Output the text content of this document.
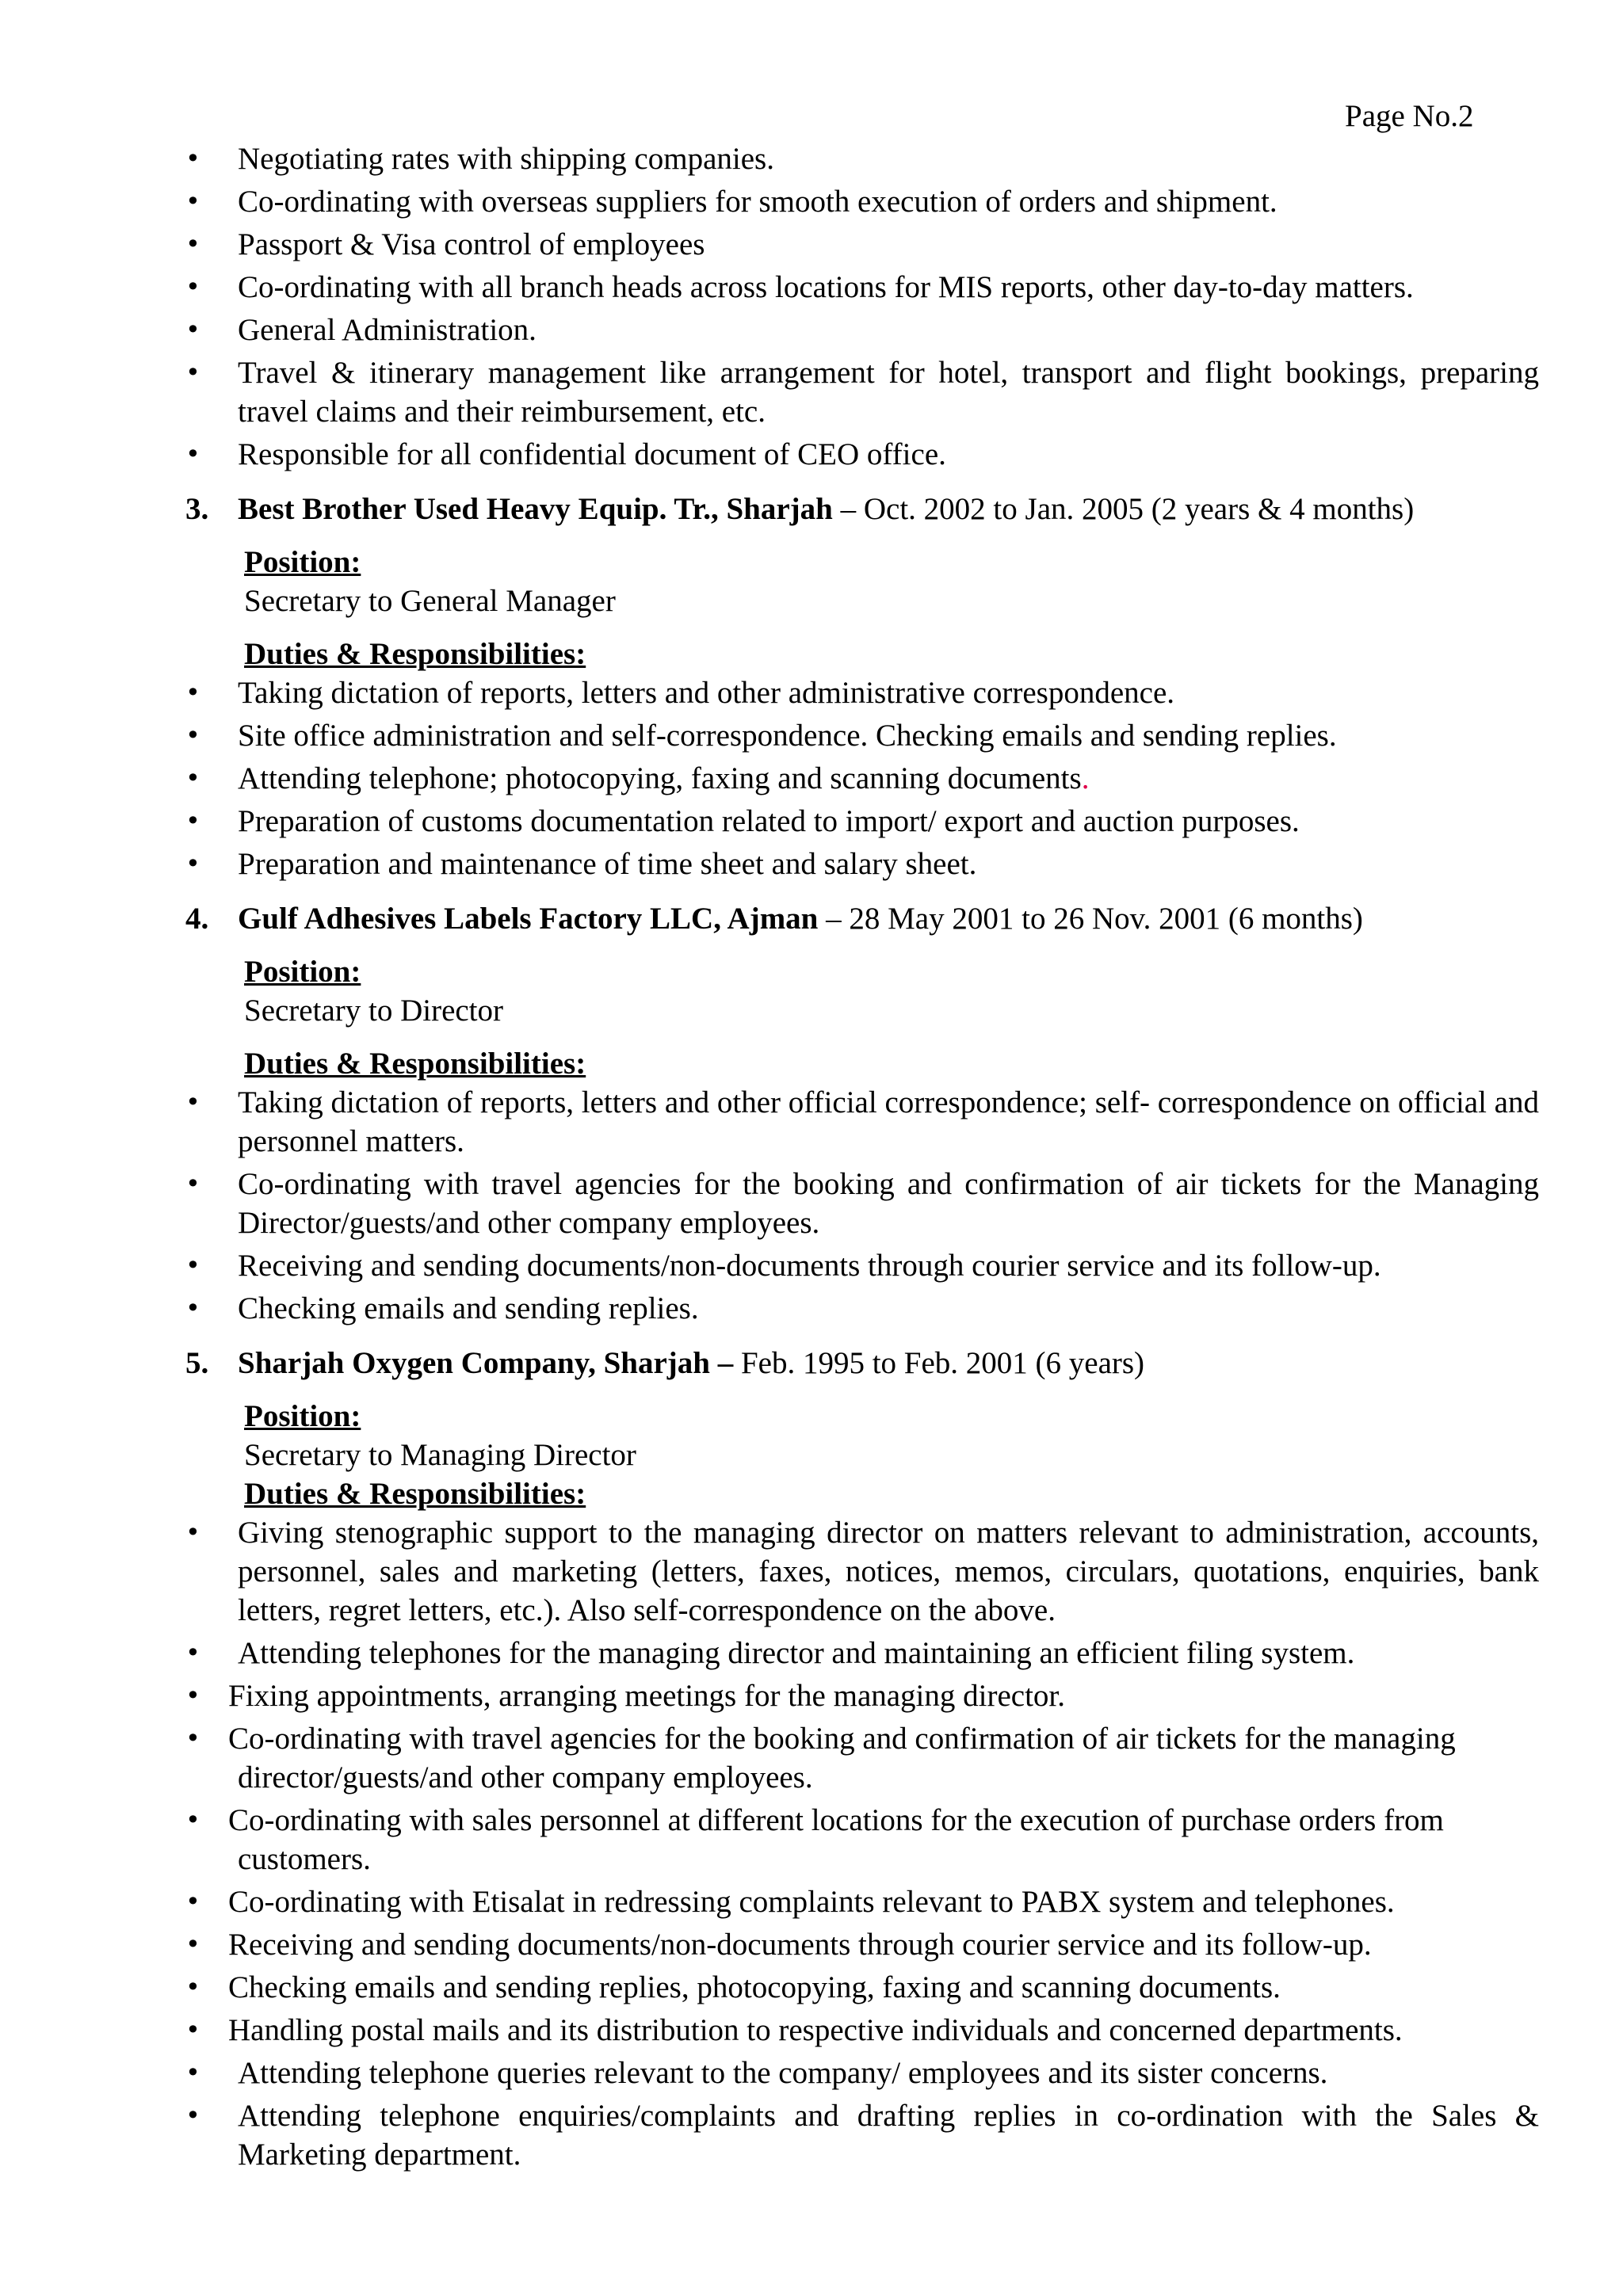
Page No.2
• Negotiating rates with shipping companies.
• Co-ordinating with overseas suppliers for smooth execution of orders and shipment.
• Passport & Visa control of employees
• Co-ordinating with all branch heads across locations for MIS reports, other day-to-day matters.
• General Administration.
• Travel & itinerary management like arrangement for hotel, transport and flight bookings, preparing travel claims and their reimbursement, etc.
• Responsible for all confidential document of CEO office.
3. Best Brother Used Heavy Equip. Tr., Sharjah – Oct. 2002 to Jan. 2005 (2 years & 4 months)
Position:
Secretary to General Manager
Duties & Responsibilities:
• Taking dictation of reports, letters and other administrative correspondence.
• Site office administration and self-correspondence. Checking emails and sending replies.
• Attending telephone; photocopying, faxing and scanning documents.
• Preparation of customs documentation related to import/ export and auction purposes.
• Preparation and maintenance of time sheet and salary sheet.
4. Gulf Adhesives Labels Factory LLC, Ajman – 28 May 2001 to 26 Nov. 2001 (6 months)
Position:
Secretary to Director
Duties & Responsibilities:
• Taking dictation of reports, letters and other official correspondence; self- correspondence on official and personnel matters.
• Co-ordinating with travel agencies for the booking and confirmation of air tickets for the Managing Director/guests/and other company employees.
• Receiving and sending documents/non-documents through courier service and its follow-up.
• Checking emails and sending replies.
5. Sharjah Oxygen Company, Sharjah – Feb. 1995 to Feb. 2001 (6 years)
Position:
Secretary to Managing Director
Duties & Responsibilities:
• Giving stenographic support to the managing director on matters relevant to administration, accounts, personnel, sales and marketing (letters, faxes, notices, memos, circulars, quotations, enquiries, bank letters, regret letters, etc.). Also self-correspondence on the above.
• Attending telephones for the managing director and maintaining an efficient filing system.
• Fixing appointments, arranging meetings for the managing director.
• Co-ordinating with travel agencies for the booking and confirmation of air tickets for the managing
director/guests/and other company employees.
• Co-ordinating with sales personnel at different locations for the execution of purchase orders from
customers.
• Co-ordinating with Etisalat in redressing complaints relevant to PABX system and telephones.
• Receiving and sending documents/non-documents through courier service and its follow-up.
• Checking emails and sending replies, photocopying, faxing and scanning documents.
• Handling postal mails and its distribution to respective individuals and concerned departments.
• Attending telephone queries relevant to the company/ employees and its sister concerns.
• Attending telephone enquiries/complaints and drafting replies in co-ordination with the Sales & Marketing department.
